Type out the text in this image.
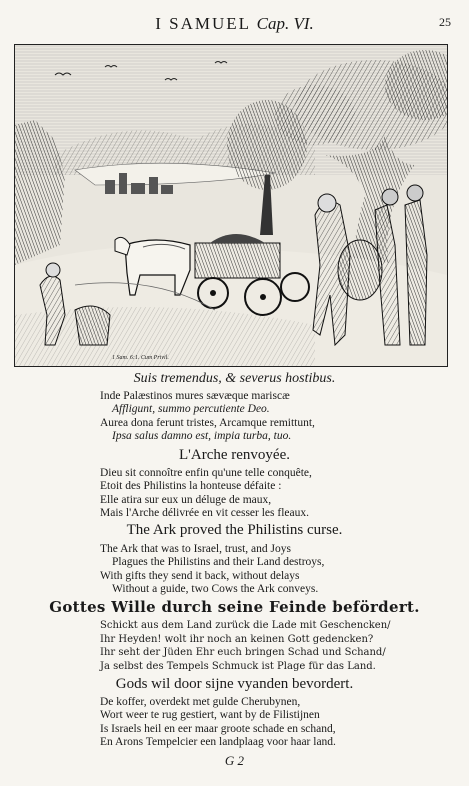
I SAMUEL Cap. VI.	25
1 Sam. 6:1. Cum Privil.
Suis tremendus, & severus hostibus.
Inde Palæstinos mures sævæque mariscæ
Affligunt, summo percutiente Deo.
Aurea dona ferunt tristes, Arcamque remittunt,
Ipsa salus damno est, impia turba, tuo.
L'Arche renvoyée.
Dieu sit connoître enfin qu'une telle conquête,
Etoit des Philistins la honteuse défaite :
Elle atira sur eux un déluge de maux,
Mais l'Arche délivrée en vit cesser les fleaux.
The Ark proved the Philistins curse.
The Ark that was to Israel, trust, and Joys
Plagues the Philistins and their Land destroys,
With gifts they send it back, without delays
Without a guide, two Cows the Ark conveys.
Gottes Wille durch seine Feinde befördert.
Schickt aus dem Land zurück die Lade mit Geschencken/
Ihr Heyden! wolt ihr noch an keinen Gott gedencken?
Ihr seht der Jüden Ehr euch bringen Schad und Schand/
Ja selbst des Tempels Schmuck ist Plage für das Land.
Gods wil door sijne vyanden bevordert.
De koffer, overdekt met gulde Cherubynen,
Wort weer te rug gestiert, want by de Filistijnen
Is Israels heil en eer maar groote schade en schand,
En Arons Tempelcier een landplaag voor haar land.
G 2
